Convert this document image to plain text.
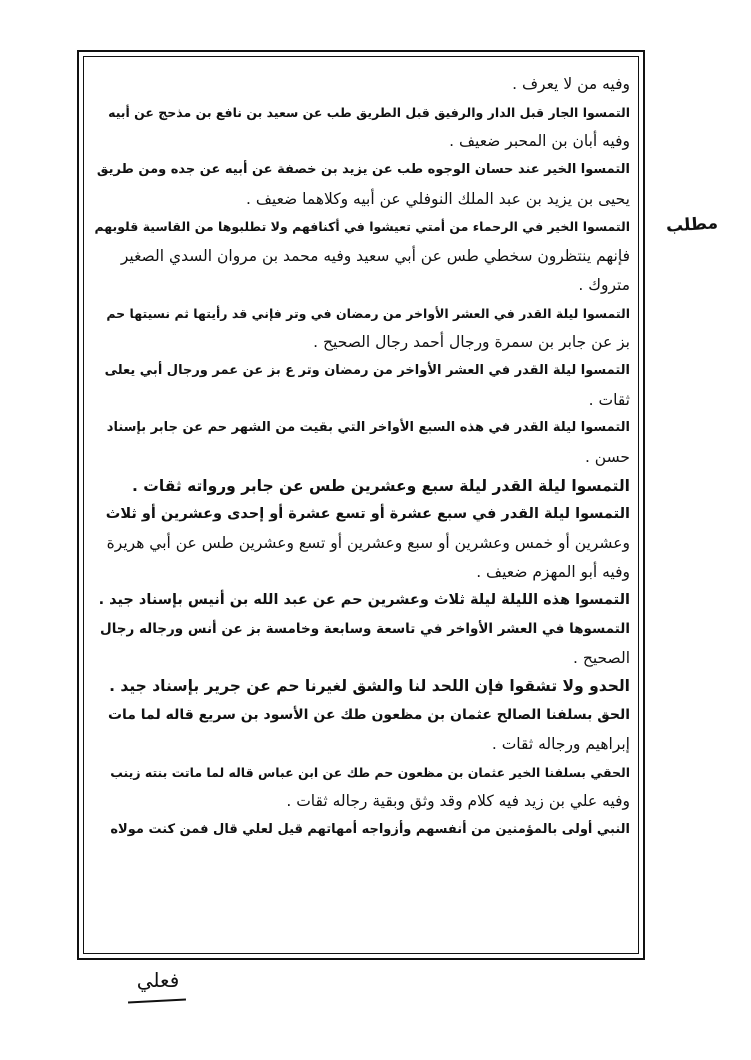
وفيه من لا يعرف .
التمسوا الجار قبل الدار والرفيق قبل الطريق طب عن سعيد بن نافع بن مذحج عن أبيه
وفيه أبان بن المحبر ضعيف .
التمسوا الخير عند حسان الوجوه طب عن يزيد بن خصفة عن أبيه عن جده ومن طريق
يحيى بن يزيد بن عبد الملك النوفلي عن أبيه وكلاهما ضعيف .
التمسوا الخير في الرحماء من أمتي تعيشوا في أكنافهم ولا تطلبوها من القاسية قلوبهم
فإنهم ينتظرون سخطي طس عن أبي سعيد وفيه محمد بن مروان السدي الصغير
متروك .
التمسوا ليلة القدر في العشر الأواخر من رمضان في وتر فإني قد رأيتها ثم نسيتها حم
بز عن جابر بن سمرة ورجال أحمد رجال الصحيح .
التمسوا ليلة القدر في العشر الأواخر من رمضان وتر ع بز عن عمر ورجال أبي يعلى
ثقات .
التمسوا ليلة القدر في هذه السبع الأواخر التي بقيت من الشهر حم عن جابر بإسناد
حسن .
التمسوا ليلة القدر ليلة سبع وعشرين طس عن جابر ورواته ثقات .
التمسوا ليلة القدر في سبع عشرة أو تسع عشرة أو إحدى وعشرين أو ثلاث
وعشرين أو خمس وعشرين أو سبع وعشرين أو تسع وعشرين طس عن أبي هريرة
وفيه أبو المهزم ضعيف .
التمسوا هذه الليلة ليلة ثلاث وعشرين حم عن عبد الله بن أنيس بإسناد جيد .
التمسوها في العشر الأواخر في تاسعة وسابعة وخامسة بز عن أنس ورجاله رجال
الصحيح .
الحدو ولا تشقوا فإن اللحد لنا والشق لغيرنا حم عن جرير بإسناد جيد .
الحق بسلفنا الصالح عثمان بن مظعون طك عن الأسود بن سريع قاله لما مات
إبراهيم ورجاله ثقات .
الحقي بسلفنا الخير عثمان بن مظعون حم طك عن ابن عباس قاله لما ماتت بنته زينب
وفيه علي بن زيد فيه كلام وقد وثق وبقية رجاله ثقات .
النبي أولى بالمؤمنين من أنفسهم وأزواجه أمهاتهم قيل لعلي قال فمن كنت مولاه
مطلب
فعلي
